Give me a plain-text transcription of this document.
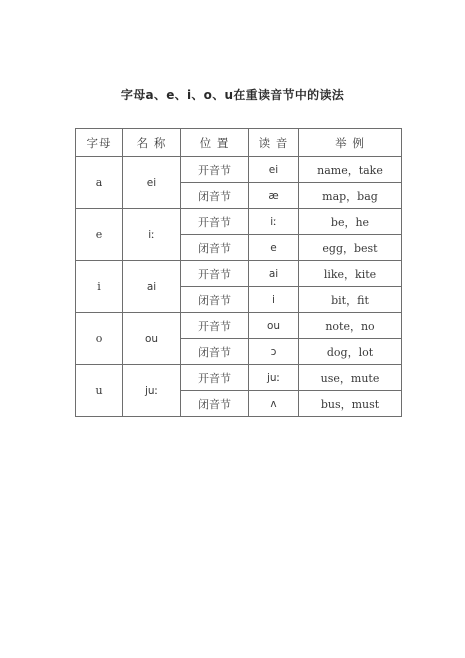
字母a、e、i、o、u在重读音节中的读法
字母	名 称	位 置	读 音	举 例
a	ei	开音节	ei	name，take
		闭音节	æ	map，bag
e	iː	开音节	iː	be，he
		闭音节	e	egg，best
i	ai	开音节	ai	like，kite
		闭音节	i	bit，fit
o	ou	开音节	ou	note，no
		闭音节	ɔ	dog，lot
u	juː	开音节	juː	use，mute
		闭音节	ʌ	bus，must
